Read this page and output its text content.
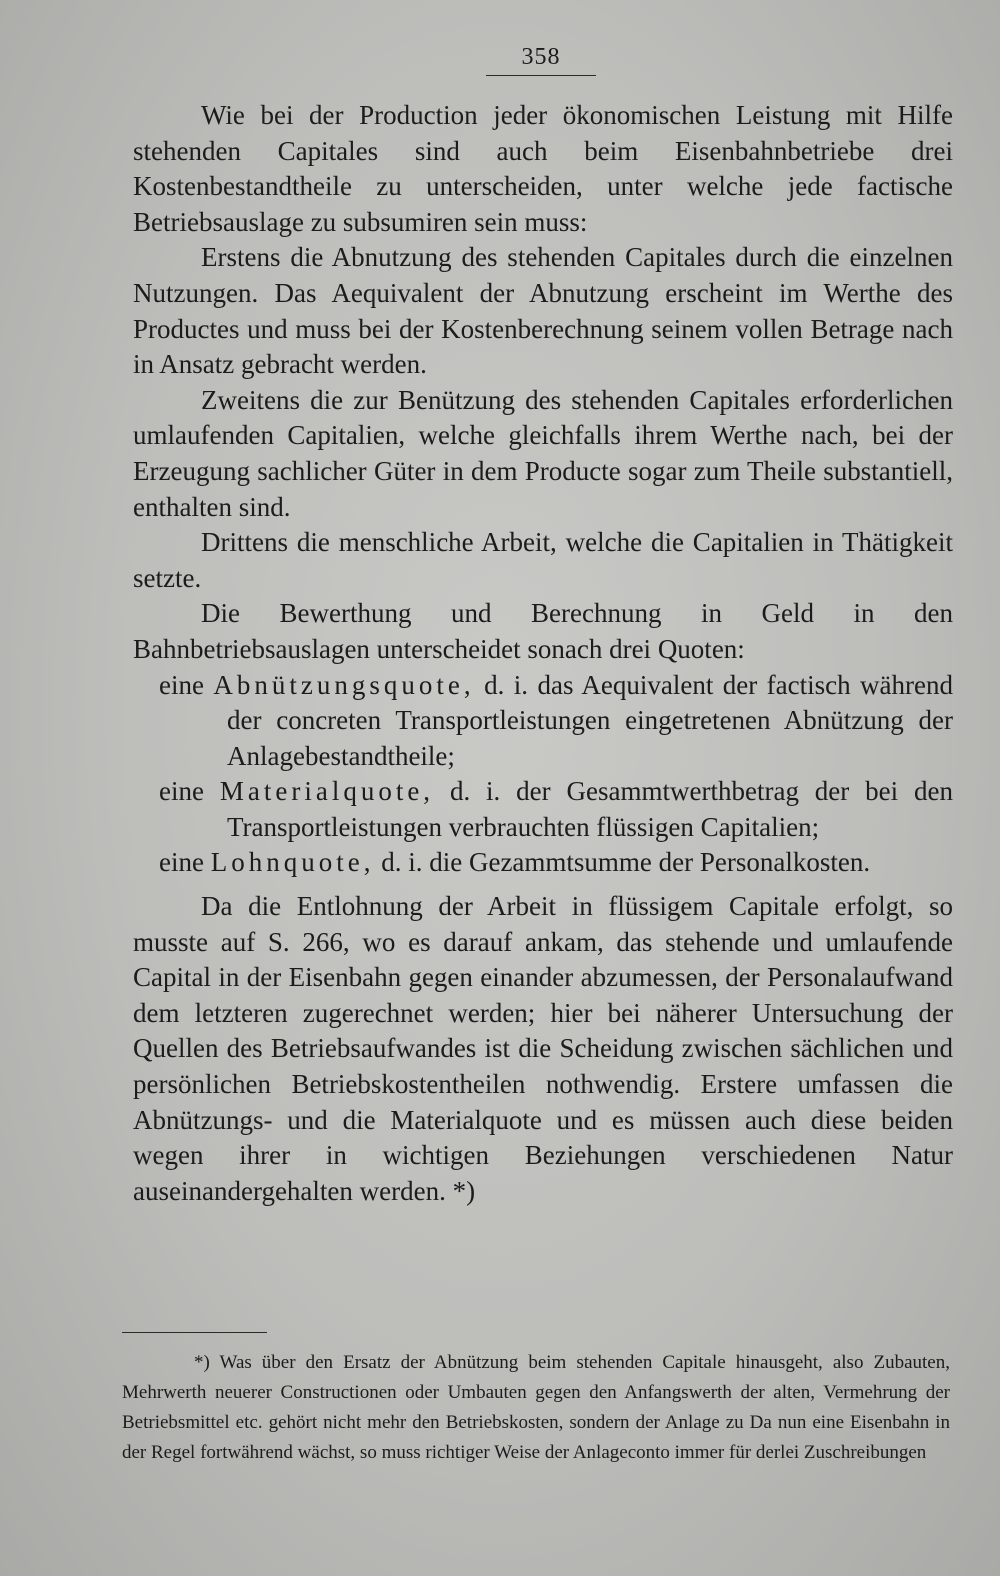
358

Wie bei der Production jeder ökonomischen Leistung mit Hilfe stehenden Capitales sind auch beim Eisenbahnbetriebe drei Kostenbestandtheile zu unterscheiden, unter welche jede factische Betriebsauslage zu subsumiren sein muss:

Erstens die Abnutzung des stehenden Capitales durch die einzelnen Nutzungen. Das Aequivalent der Abnutzung erscheint im Werthe des Productes und muss bei der Kostenberechnung seinem vollen Betrage nach in Ansatz gebracht werden.

Zweitens die zur Benützung des stehenden Capitales erforderlichen umlaufenden Capitalien, welche gleichfalls ihrem Werthe nach, bei der Erzeugung sachlicher Güter in dem Producte sogar zum Theile substantiell, enthalten sind.

Drittens die menschliche Arbeit, welche die Capitalien in Thätigkeit setzte.

Die Bewerthung und Berechnung in Geld in den Bahnbetriebsauslagen unterscheidet sonach drei Quoten:

eine Abnützungsquote, d. i. das Aequivalent der factisch während der concreten Transportleistungen eingetretenen Abnützung der Anlagebestandtheile;

eine Materialquote, d. i. der Gesammtwerthbetrag der bei den Transportleistungen verbrauchten flüssigen Capitalien;

eine Lohnquote, d. i. die Gezammtsumme der Personalkosten.

Da die Entlohnung der Arbeit in flüssigem Capitale erfolgt, so musste auf S. 266, wo es darauf ankam, das stehende und umlaufende Capital in der Eisenbahn gegen einander abzumessen, der Personalaufwand dem letzteren zugerechnet werden; hier bei näherer Untersuchung der Quellen des Betriebsaufwandes ist die Scheidung zwischen sächlichen und persönlichen Betriebskostentheilen nothwendig. Erstere umfassen die Abnützungs- und die Materialquote und es müssen auch diese beiden wegen ihrer in wichtigen Beziehungen verschiedenen Natur auseinandergehalten werden. *)

*) Was über den Ersatz der Abnützung beim stehenden Capitale hinausgeht, also Zubauten, Mehrwerth neuerer Constructionen oder Umbauten gegen den Anfangswerth der alten, Vermehrung der Betriebsmittel etc. gehört nicht mehr den Betriebskosten, sondern der Anlage zu Da nun eine Eisenbahn in der Regel fortwährend wächst, so muss richtiger Weise der Anlageconto immer für derlei Zuschreibungen
